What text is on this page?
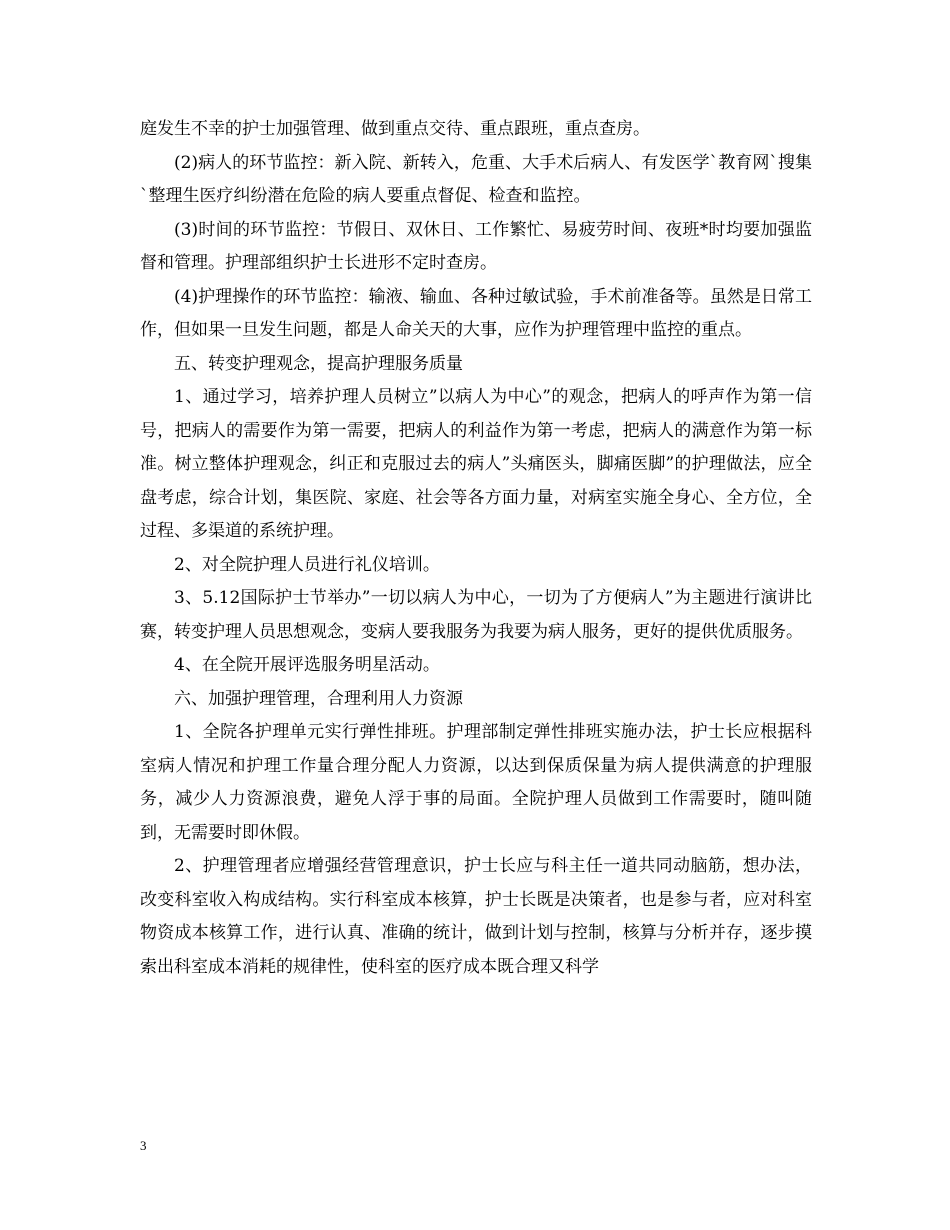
庭发生不幸的护士加强管理、做到重点交待、重点跟班，重点查房。

(2)病人的环节监控：新入院、新转入，危重、大手术后病人、有发医学`教育网`搜集`整理生医疗纠纷潜在危险的病人要重点督促、检查和监控。

(3)时间的环节监控：节假日、双休日、工作繁忙、易疲劳时间、夜班*时均要加强监督和管理。护理部组织护士长进形不定时查房。

(4)护理操作的环节监控：输液、输血、各种过敏试验，手术前准备等。虽然是日常工作，但如果一旦发生问题，都是人命关天的大事，应作为护理管理中监控的重点。

五、转变护理观念，提高护理服务质量

1、通过学习，培养护理人员树立”以病人为中心”的观念，把病人的呼声作为第一信号，把病人的需要作为第一需要，把病人的利益作为第一考虑，把病人的满意作为第一标准。树立整体护理观念，纠正和克服过去的病人”头痛医头，脚痛医脚”的护理做法，应全盘考虑，综合计划，集医院、家庭、社会等各方面力量，对病室实施全身心、全方位，全过程、多渠道的系统护理。

2、对全院护理人员进行礼仪培训。

3、5.12国际护士节举办”一切以病人为中心，一切为了方便病人”为主题进行演讲比赛，转变护理人员思想观念，变病人要我服务为我要为病人服务，更好的提供优质服务。

4、在全院开展评选服务明星活动。

六、加强护理管理，合理利用人力资源

1、全院各护理单元实行弹性排班。护理部制定弹性排班实施办法，护士长应根据科室病人情况和护理工作量合理分配人力资源，以达到保质保量为病人提供满意的护理服务，减少人力资源浪费，避免人浮于事的局面。全院护理人员做到工作需要时，随叫随到，无需要时即休假。

2、护理管理者应增强经营管理意识，护士长应与科主任一道共同动脑筋，想办法，改变科室收入构成结构。实行科室成本核算，护士长既是决策者，也是参与者，应对科室物资成本核算工作，进行认真、准确的统计，做到计划与控制，核算与分析并存，逐步摸索出科室成本消耗的规律性，使科室的医疗成本既合理又科学

3
